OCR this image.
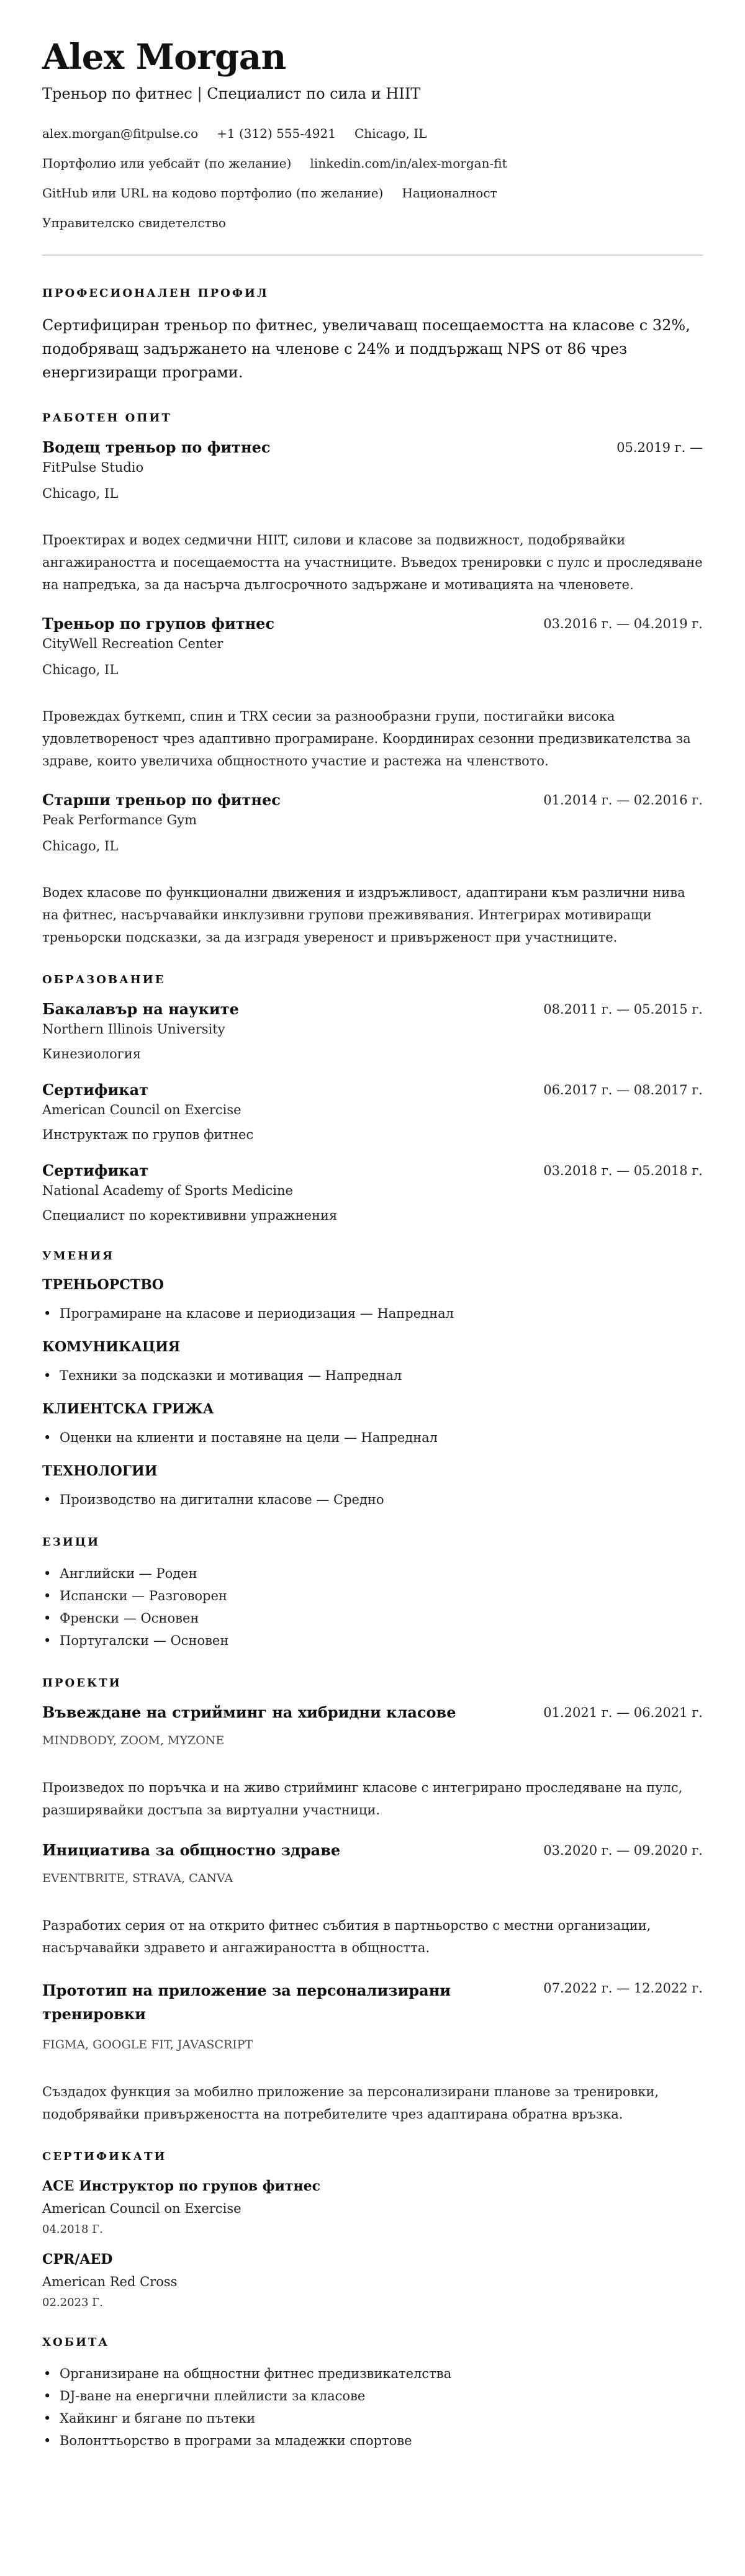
Alex Morgan
Треньор по фитнес | Специалист по сила и HIIT
alex.morgan@fitpulse.co +1 (312) 555-4921 Chicago, IL
Портфолио или уебсайт (по желание) linkedin.com/in/alex-morgan-fit
GitHub или URL на кодово портфолио (по желание) Националност
Управителско свидетелство
ПРОФЕСИОНАЛЕН ПРОФИЛ

Сертифициран треньор по фитнес, увеличаващ посещаемостта на класове с 32%, подобряващ задържането на членове с 24% и поддържащ NPS от 86 чрез енергизиращи програми.

РАБОТЕН ОПИТ
Водещ треньор по фитнес	05.2019 г. —
FitPulse Studio
Chicago, IL

Проектирах и водех седмични HIIT, силови и класове за подвижност, подобрявайки ангажираността и посещаемостта на участниците. Въведох тренировки с пулс и проследяване на напредъка, за да насърча дългосрочното задържане и мотивацията на членовете.

Треньор по групов фитнес	03.2016 г. — 04.2019 г.
CityWell Recreation Center
Chicago, IL

Провеждах буткемп, спин и TRX сесии за разнообразни групи, постигайки висока удовлетвореност чрез адаптивно програмиране. Координирах сезонни предизвикателства за здраве, които увеличиха общностното участие и растежа на членството.

Старши треньор по фитнес	01.2014 г. — 02.2016 г.
Peak Performance Gym
Chicago, IL

Водех класове по функционални движения и издръжливост, адаптирани към различни нива на фитнес, насърчавайки инклузивни групови преживявания. Интегрирах мотивиращи треньорски подсказки, за да изградя увереност и привърженост при участниците.

ОБРАЗОВАНИЕ
Бакалавър на науките	08.2011 г. — 05.2015 г.
Northern Illinois University
Кинезиология
Сертификат	06.2017 г. — 08.2017 г.
American Council on Exercise
Инструктаж по групов фитнес
Сертификат	03.2018 г. — 05.2018 г.
National Academy of Sports Medicine
Специалист по коректививни упражнения
УМЕНИЯ
ТРЕНЬОРСТВО
• Програмиране на класове и периодизация — Напреднал
КОМУНИКАЦИЯ
• Техники за подсказки и мотивация — Напреднал
КЛИЕНТСКА ГРИЖА
• Оценки на клиенти и поставяне на цели — Напреднал
ТЕХНОЛОГИИ
• Производство на дигитални класове — Средно
ЕЗИЦИ
• Английски — Роден
• Испански — Разговорен
• Френски — Основен
• Португалски — Основен
ПРОЕКТИ
Въвеждане на стрийминг на хибридни класове	01.2021 г. — 06.2021 г.
MINDBODY, ZOOM, MYZONE

Произведох по поръчка и на живо стрийминг класове с интегрирано проследяване на пулс, разширявайки достъпа за виртуални участници.

Инициатива за общностно здраве	03.2020 г. — 09.2020 г.
EVENTBRITE, STRAVA, CANVA

Разработих серия от на открито фитнес събития в партньорство с местни организации, насърчавайки здравето и ангажираността в общността.

Прототип на приложение за персонализирани тренировки
07.2022 г. — 12.2022 г.
FIGMA, GOOGLE FIT, JAVASCRIPT

Създадох функция за мобилно приложение за персонализирани планове за тренировки, подобрявайки привържеността на потребителите чрез адаптирана обратна връзка.

СЕРТИФИКАТИ
ACE Инструктор по групов фитнес
American Council on Exercise
04.2018 Г.
CPR/AED
American Red Cross
02.2023 Г.
ХОБИТА
• Организиране на общностни фитнес предизвикателства
• DJ-ване на енергични плейлисти за класове
• Хайкинг и бягане по пътеки
• Волонттьорство в програми за младежки спортове
